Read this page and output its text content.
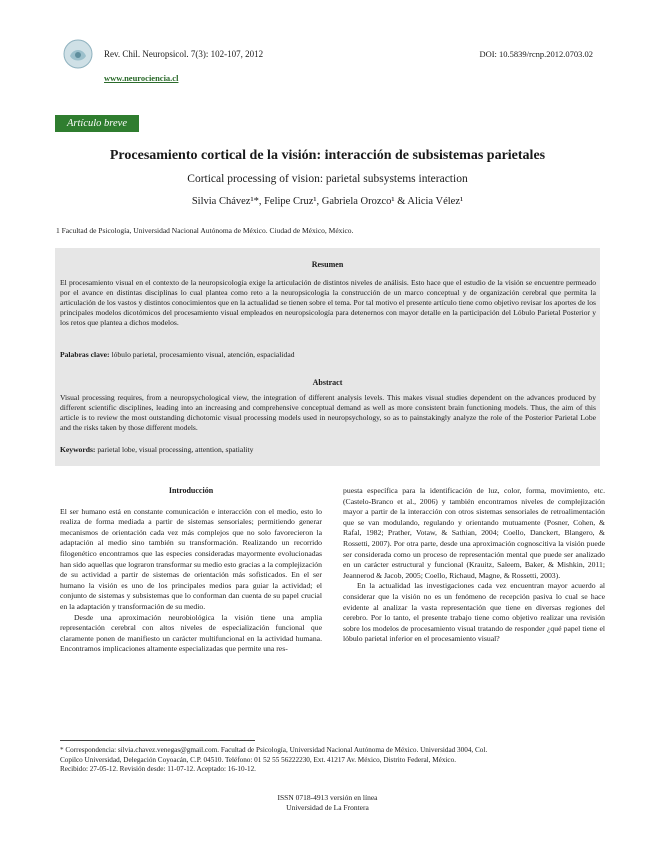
Rev. Chil. Neuropsicol. 7(3): 102-107, 2012
www.neurociencia.cl
DOI: 10.5839/rcnp.2012.0703.02
Artículo breve
Procesamiento cortical de la visión: interacción de subsistemas parietales
Cortical processing of vision: parietal subsystems interaction
Silvia Chávez¹*, Felipe Cruz¹, Gabriela Orozco¹ & Alicia Vélez¹
1 Facultad de Psicología, Universidad Nacional Autónoma de México. Ciudad de México, México.
Resumen
El procesamiento visual en el contexto de la neuropsicología exige la articulación de distintos niveles de análisis. Esto hace que el estudio de la visión se encuentre permeado por el avance en distintas disciplinas lo cual plantea como reto a la neuropsicología la construcción de un marco conceptual y de organización cerebral que permita la articulación de los vastos y distintos conocimientos que en la actualidad se tienen sobre el tema. Por tal motivo el presente artículo tiene como objetivo revisar los aportes de los principales modelos dicotómicos del procesamiento visual empleados en neuropsicología para detenernos con mayor detalle en la participación del Lóbulo Parietal Posterior y los retos que plantea a dichos modelos.
Palabras clave: lóbulo parietal, procesamiento visual, atención, espacialidad
Abstract
Visual processing requires, from a neuropsychological view, the integration of different analysis levels. This makes visual studies dependent on the advances produced by different scientific disciplines, leading into an increasing and comprehensive conceptual demand as well as more consistent brain functioning models. Thus, the aim of this article is to review the most outstanding dichotomic visual processing models used in neuropsychology, so as to painstakingly analyze the role of the Posterior Parietal Lobe and the risks taken by those different models.
Keywords: parietal lobe, visual processing, attention, spatiality
Introducción

El ser humano está en constante comunicación e interacción con el medio, esto lo realiza de forma mediada a partir de sistemas sensoriales; permitiendo generar mecanismos de orientación cada vez más complejos que no solo favorecieron la adaptación al medio sino también su transformación. Realizando un recorrido filogenético encontramos que las especies consideradas mayormente evolucionadas han sido aquellas que lograron transformar su medio esto gracias a la complejización de su actividad a partir de sistemas de orientación más sofisticados. En el ser humano la visión es uno de los principales medios para guiar la actividad; el conjunto de sistemas y subsistemas que lo conforman dan cuenta de su papel crucial en la adaptación y transformación de su medio.

Desde una aproximación neurobiológica la visión tiene una amplia representación cerebral con altos niveles de especialización funcional que claramente ponen de manifiesto un carácter multifuncional en la actividad humana. Encontramos implicaciones altamente especializadas que permite una res-

puesta específica para la identificación de luz, color, forma, movimiento, etc. (Castelo-Branco et al., 2006) y también encontramos niveles de complejización mayor a partir de la interacción con otros sistemas sensoriales de retroalimentación que se van modulando, regulando y orientando mutuamente (Posner, Cohen, & Rafal, 1982; Prather, Votaw, & Sathian, 2004; Coello, Danckert, Blangero, & Rossetti, 2007). Por otra parte, desde una aproximación cognoscitiva la visión puede ser considerada como un proceso de representación mental que puede ser analizado en un carácter estructural y funcional (Krauitz, Saleem, Baker, & Mishkin, 2011; Jeannerod & Jacob, 2005; Coello, Richaud, Magne, & Rossetti, 2003).

En la actualidad las investigaciones cada vez encuentran mayor acuerdo al considerar que la visión no es un fenómeno de recepción pasiva lo cual se hace evidente al analizar la vasta representación que tiene en diversas regiones del cerebro. Por lo tanto, el presente trabajo tiene como objetivo realizar una revisión sobre los modelos de procesamiento visual tratando de responder ¿qué papel tiene el lóbulo parietal inferior en el procesamiento visual?

* Correspondencia: silvia.chavez.venegas@gmail.com. Facultad de Psicología, Universidad Nacional Autónoma de México. Universidad 3004, Col.
Copilco Universidad, Delegación Coyoacán, C.P. 04510. Teléfono: 01 52 55 56222230, Ext. 41217 Av. México, Distrito Federal, México.
Recibido: 27-05-12. Revisión desde: 11-07-12. Aceptado: 16-10-12.
ISSN 0718-4913 versión en línea
Universidad de La Frontera
